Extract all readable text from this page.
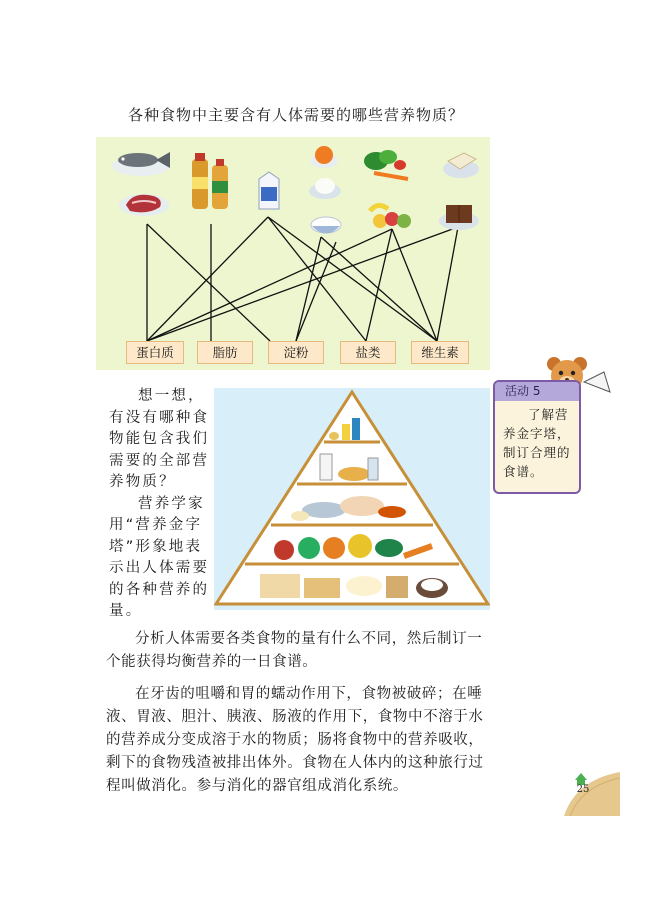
各种食物中主要含有人体需要的哪些营养物质？
蛋白质	脂肪	淀粉	盐类	维生素

想一想，有没有哪种食物能包含我们需要的全部营养物质？

营养学家用“营养金字塔”形象地表示出人体需要的各种营养的量。

活动 5
了解营养金字塔，制订合理的食谱。

分析人体需要各类食物的量有什么不同，然后制订一个能获得均衡营养的一日食谱。

在牙齿的咀嚼和胃的蠕动作用下，食物被破碎；在唾液、胃液、胆汁、胰液、肠液的作用下，食物中不溶于水的营养成分变成溶于水的物质；肠将食物中的营养吸收，剩下的食物残渣被排出体外。食物在人体内的这种旅行过程叫做消化。参与消化的器官组成消化系统。	25
